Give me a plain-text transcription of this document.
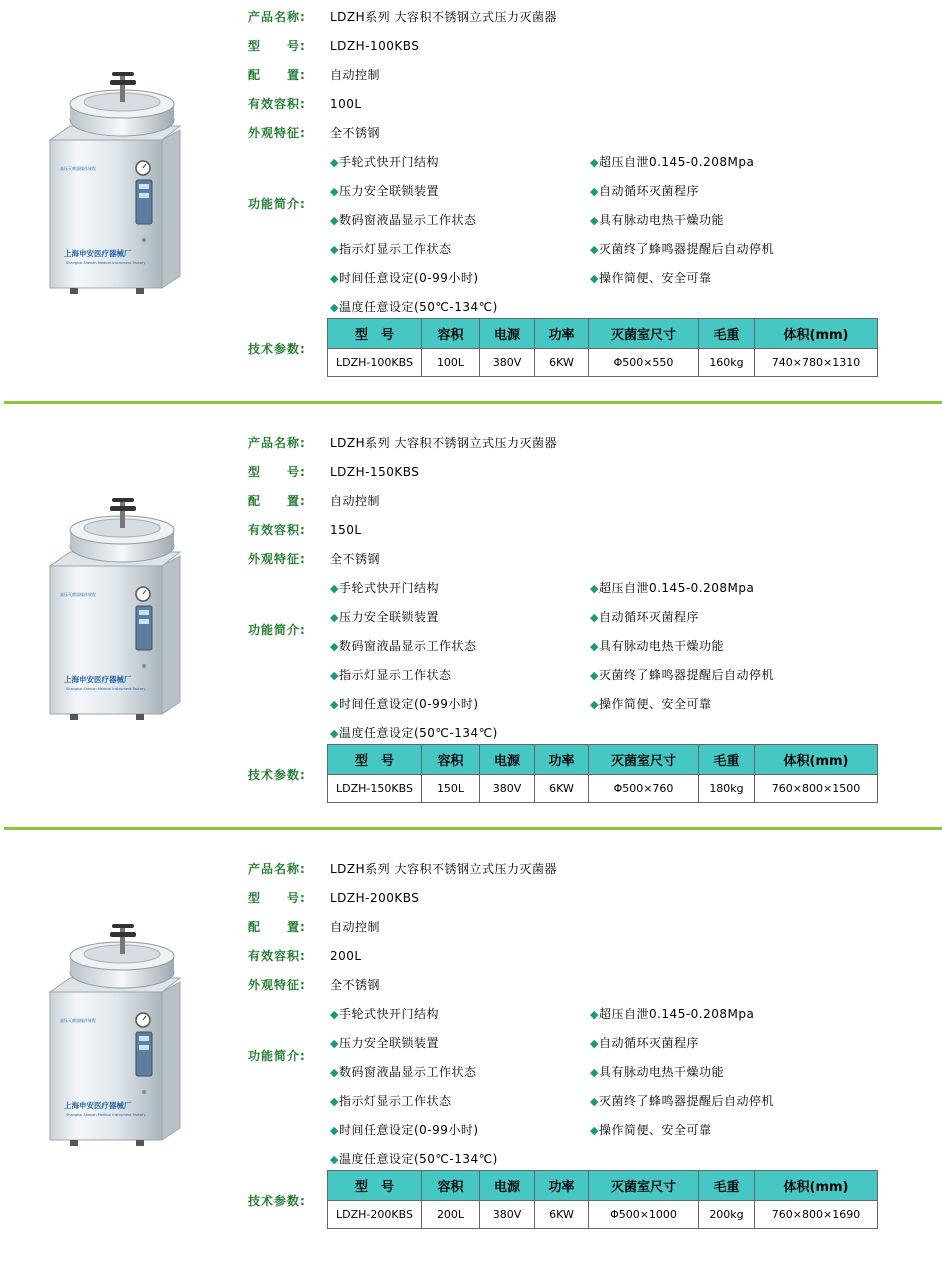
高压灭菌器操作规程
上海申安医疗器械厂
Shanghai Shenan Medical Instrument Factory
产品名称:	LDZH系列 大容积不锈钢立式压力灭菌器
型　　号:	LDZH-100KBS
配　　置:	自动控制
有效容积:	100L
外观特征:	全不锈钢
功能简介:
◆手轮式快开门结构
◆压力安全联锁装置
◆数码窗液晶显示工作状态
◆指示灯显示工作状态
◆时间任意设定(0-99小时)
◆温度任意设定(50℃-134℃)
◆超压自泄0.145-0.208Mpa
◆自动循环灭菌程序
◆具有脉动电热干燥功能
◆灭菌终了蜂鸣器提醒后自动停机
◆操作简便、安全可靠
技术参数:
型　号	容积	电源	功率	灭菌室尺寸	毛重	体积(mm)
LDZH-100KBS	100L	380V	6KW	Φ500×550	160kg	740×780×1310
高压灭菌器操作规程
上海申安医疗器械厂
Shanghai Shenan Medical Instrument Factory
产品名称:	LDZH系列 大容积不锈钢立式压力灭菌器
型　　号:	LDZH-150KBS
配　　置:	自动控制
有效容积:	150L
外观特征:	全不锈钢
功能简介:
◆手轮式快开门结构
◆压力安全联锁装置
◆数码窗液晶显示工作状态
◆指示灯显示工作状态
◆时间任意设定(0-99小时)
◆温度任意设定(50℃-134℃)
◆超压自泄0.145-0.208Mpa
◆自动循环灭菌程序
◆具有脉动电热干燥功能
◆灭菌终了蜂鸣器提醒后自动停机
◆操作简便、安全可靠
技术参数:
型　号	容积	电源	功率	灭菌室尺寸	毛重	体积(mm)
LDZH-150KBS	150L	380V	6KW	Φ500×760	180kg	760×800×1500
高压灭菌器操作规程
上海申安医疗器械厂
Shanghai Shenan Medical Instrument Factory
产品名称:	LDZH系列 大容积不锈钢立式压力灭菌器
型　　号:	LDZH-200KBS
配　　置:	自动控制
有效容积:	200L
外观特征:	全不锈钢
功能简介:
◆手轮式快开门结构
◆压力安全联锁装置
◆数码窗液晶显示工作状态
◆指示灯显示工作状态
◆时间任意设定(0-99小时)
◆温度任意设定(50℃-134℃)
◆超压自泄0.145-0.208Mpa
◆自动循环灭菌程序
◆具有脉动电热干燥功能
◆灭菌终了蜂鸣器提醒后自动停机
◆操作简便、安全可靠
技术参数:
型　号	容积	电源	功率	灭菌室尺寸	毛重	体积(mm)
LDZH-200KBS	200L	380V	6KW	Φ500×1000	200kg	760×800×1690
